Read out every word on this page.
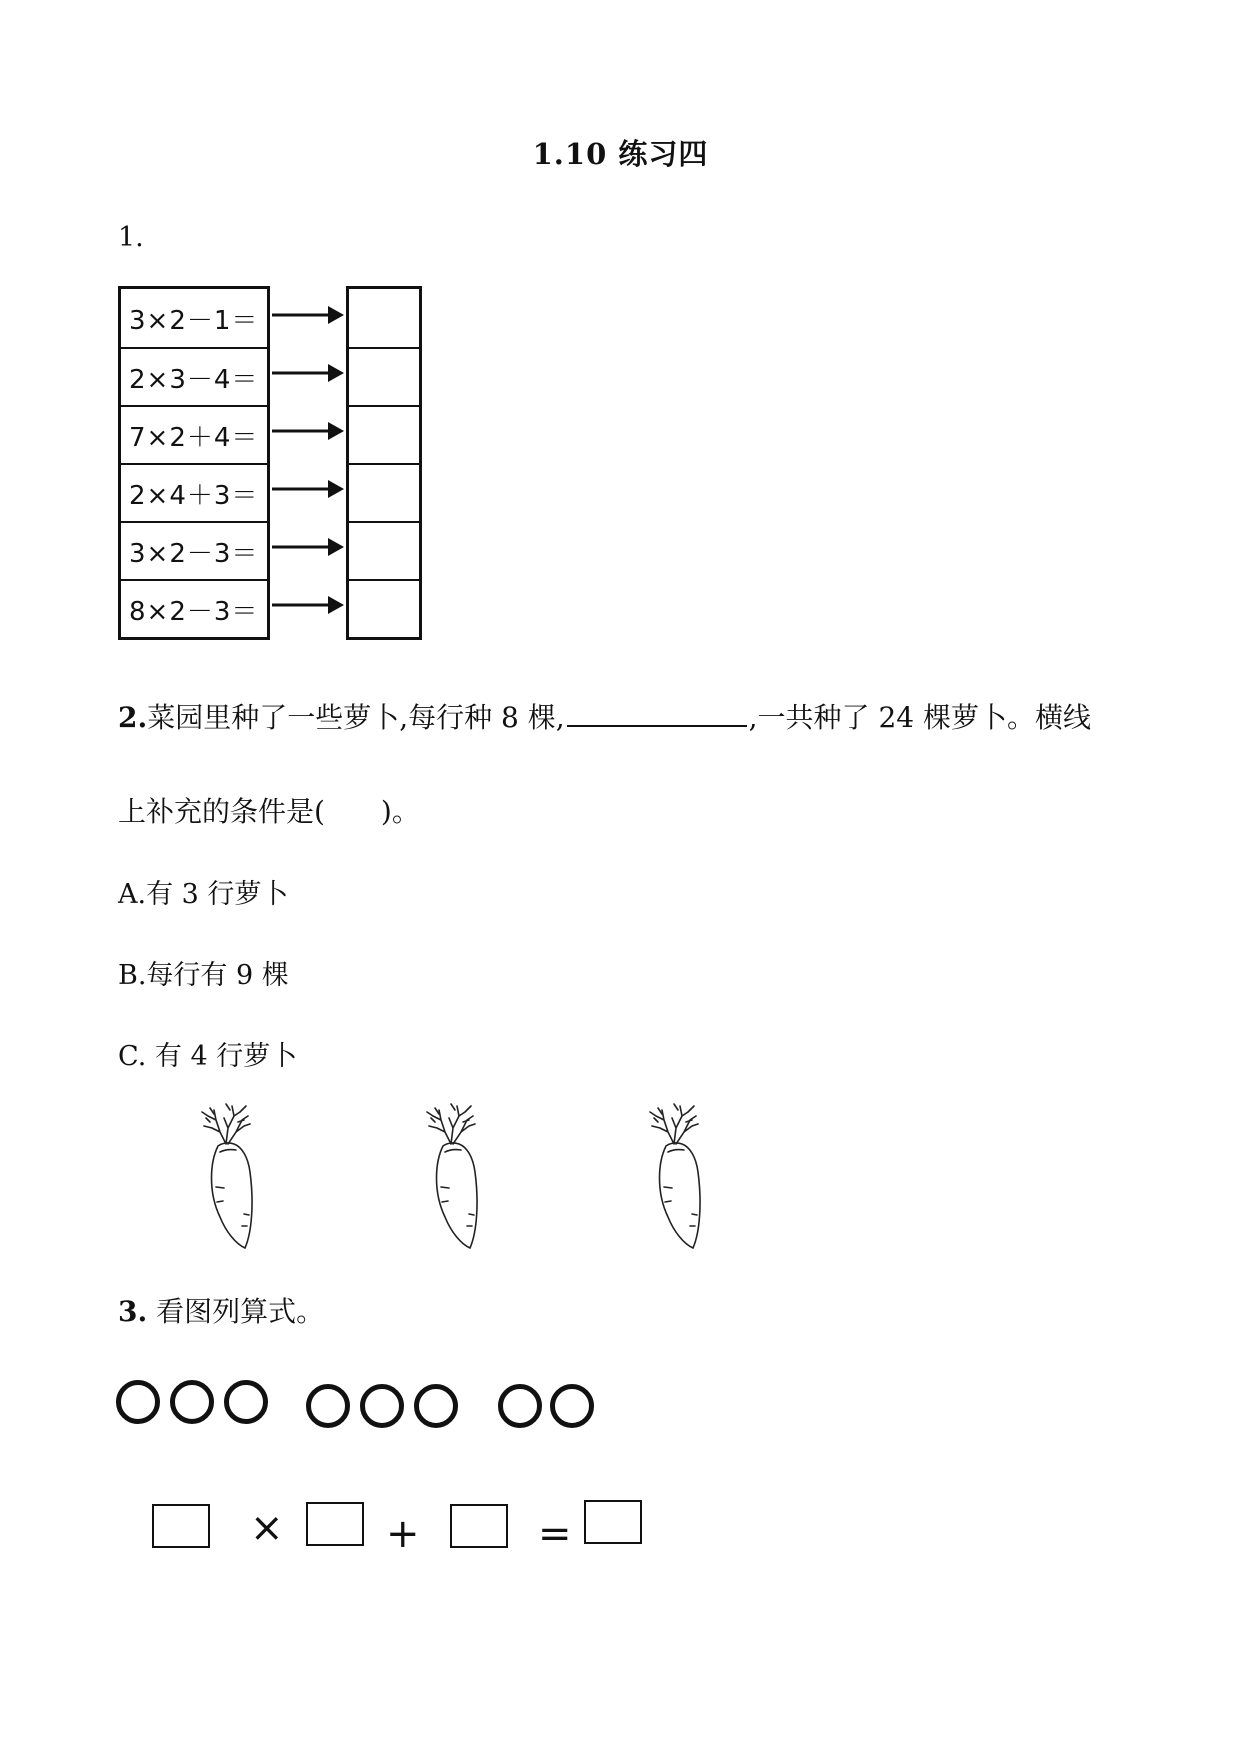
1.10 练习四
1.
3×2－1＝
2×3－4＝
7×2＋4＝
2×4＋3＝
3×2－3＝
8×2－3＝
2.菜园里种了一些萝卜,每行种 8 棵,	,一共种了 24 棵萝卜。横线
上补充的条件是(　　)。
A.有 3 行萝卜
B.每行有 9 棵
C. 有 4 行萝卜
3. 看图列算式。
×	+	=
